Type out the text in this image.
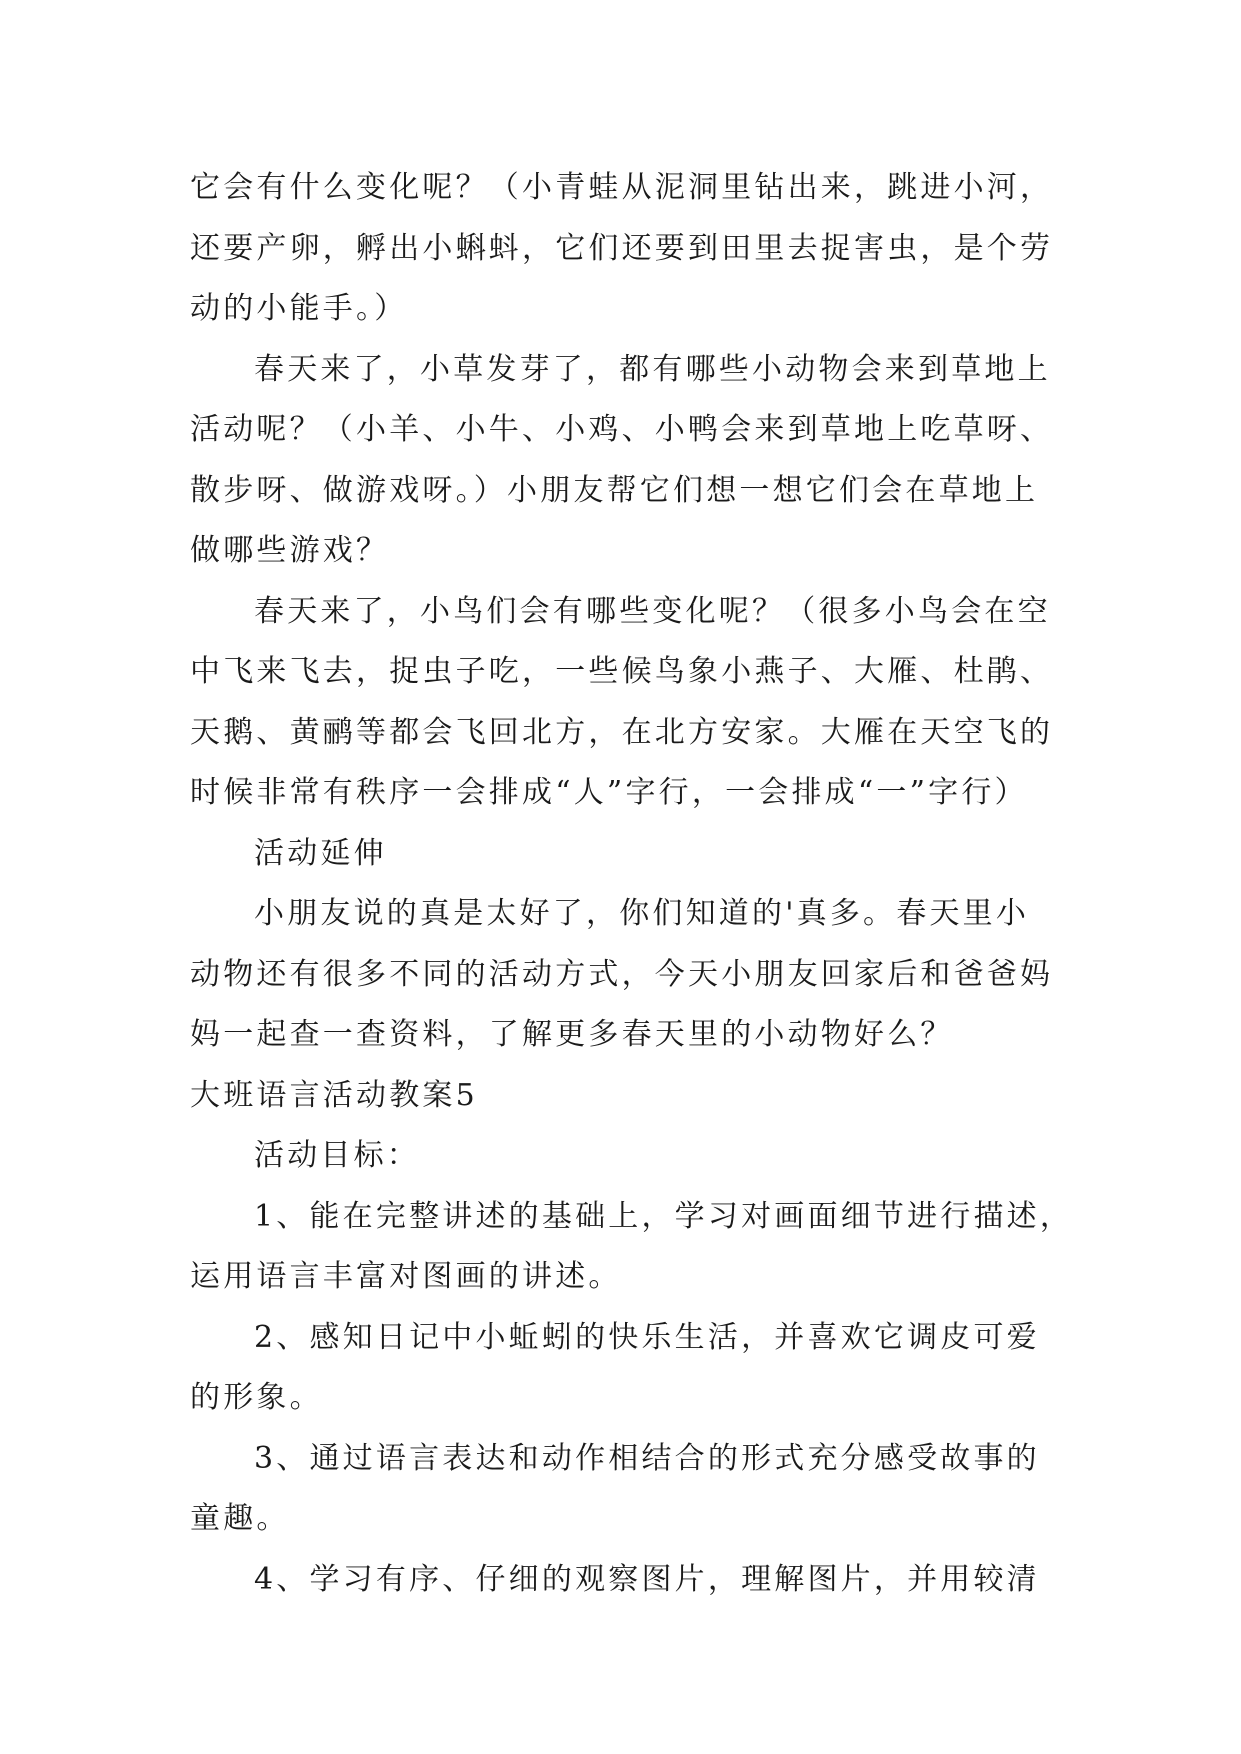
它会有什么变化呢？（小青蛙从泥洞里钻出来，跳进小河，
还要产卵，孵出小蝌蚪，它们还要到田里去捉害虫，是个劳
动的小能手。）
春天来了，小草发芽了，都有哪些小动物会来到草地上
活动呢？（小羊、小牛、小鸡、小鸭会来到草地上吃草呀、
散步呀、做游戏呀。）小朋友帮它们想一想它们会在草地上
做哪些游戏？
春天来了，小鸟们会有哪些变化呢？（很多小鸟会在空
中飞来飞去，捉虫子吃，一些候鸟象小燕子、大雁、杜鹃、
天鹅、黄鹂等都会飞回北方，在北方安家。大雁在天空飞的
时候非常有秩序一会排成“人”字行，一会排成“一”字行）
活动延伸
小朋友说的真是太好了，你们知道的'真多。春天里小
动物还有很多不同的活动方式，今天小朋友回家后和爸爸妈
妈一起查一查资料，了解更多春天里的小动物好么？
大班语言活动教案5
活动目标：
1、能在完整讲述的基础上，学习对画面细节进行描述，
运用语言丰富对图画的讲述。
2、感知日记中小蚯蚓的快乐生活，并喜欢它调皮可爱
的形象。
3、通过语言表达和动作相结合的形式充分感受故事的
童趣。
4、学习有序、仔细的观察图片，理解图片，并用较清
